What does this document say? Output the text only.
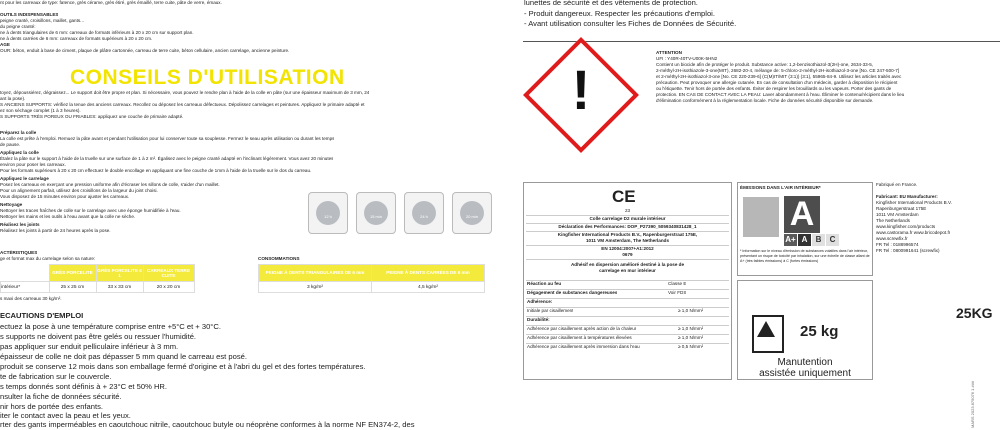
nt pour les carreaux de type: faïence, grès cérame, grès étiré, grès émaillé, terre cuite, pâte de verre, émaux.
OUTILS INDISPENSABLES
peigne cranté, croisillons, maillet, gants...
du peigne cranté:
ne à dents triangulaires de 6 mm: carreaux de formats inférieurs à 20 x 20 cm sur support plan.
ne à dents carrées de 6 mm: carreaux de formats supérieurs à 20 x 20 cm.
AGE
OUR: béton, enduit à base de ciment, plaque de plâtre cartonnée, carreau de terre cuite, béton cellulaire, ancien carrelage, ancienne peinture.
CONSEILS D'UTILISATION
toyez, dépoussiérez, dégraissez... Le support doit être propre et plan. Si nécessaire, vous pouvez le rendre plan à l'aide de la colle en pâte (sur une épaisseur maximum de 3 mm, 24
ant la pose).
S ANCIENS SUPPORTS: vérifiez la tenue des anciens carreaux. Recollez ou déposez les carreaux défectueux. Dépolissez carrelages et peintures. Appliquez le primaire adapté et
ez son séchage complet (1 à 3 heures).
S SUPPORTS TRÈS POREUX OU FRIABLES: appliquez une couche de primaire adapté.
Préparez la colle
La colle est prête à l'emploi. Remuez la pâte avant et pendant l'utilisation pour lui conserver toute sa souplesse. Fermez le seau après utilisation ou durant les temps
de pause.
Appliquez la colle
Étalez la pâte sur le support à l'aide de la truelle sur une surface de 1 à 2 m². Égalisez avec le peigne cranté adapté en l'inclinant légèrement. Vous avez 20 minutes
environ pour poser les carreaux.
Pour les formats supérieurs à 20 x 20 cm effectuez le double encollage en appliquant une fine couche de 1mm à l'aide de la truelle sur le dos du carreau.
Appliquez le carrelage
Posez les carreaux en exerçant une pression uniforme afin d'écraser les sillons de colle, s'aider d'un maillet.
Pour un alignement parfait, utilisez des croisillons de la largeur du joint choisi.
Vous disposez de 15 minutes environ pour ajuster les carreaux.
Nettoyage
Nettoyer les traces fraîches de colle sur le carrelage avec une éponge humidifiée à l'eau.
Nettoyer les mains et les outils à l'eau avant que la colle ne sèche.
Réalisez les joints
Réalisez les joints à partir de 24 heures après la pose.
12 h	15 min	24 h	20 min
ACTÉRISTIQUES
ge et format max du carrelage selon sa nature:
	GRÈS PORCELITE	GRÈS PORCELITE ≤ 1	CARREAUX TERRE CUITE
intérieur*	25 x 25 cm	33 x 33 cm	20 x 20 cm
s maxi des carreaux 30 kg/m².
CONSOMMATIONS
PEIGNE À DENTS TRIANGULAIRES DE 6 mm	PEIGNE À DENTS CARRÉES DE 6 mm
3 kg/m²	4,5 kg/m²
ECAUTIONS D'EMPLOI
ectuez la pose à une température comprise entre +5°C et + 30°C.
s supports ne doivent pas être gelés ou ressuer l'humidité.
pas appliquer sur enduit pelliculaire inférieur à 3 mm.
épaisseur de colle ne doit pas dépasser 5 mm quand le carreau est posé.
produit se conserve 12 mois dans son emballage fermé d'origine et à l'abri du gel et des fortes températures.
te de fabrication sur le couvercle.
s temps donnés sont définis à + 23°C et 50% HR.
nsulter la fiche de données sécurité.
nir hors de portée des enfants.
iter le contact avec la peau et les yeux.
rter des gants imperméables en caoutchouc nitrile, caoutchouc butyle ou néoprène conformes à la norme NF EN374-2, des
lunettes de sécurité et des vêtements de protection.
- Produit dangereux. Respecter les précautions d'emploi.
- Avant utilisation consulter les Fiches de Données de Sécurité.
!
ATTENTION
UFI : Y40R-40TV-U00K-5HN2
Contient un biocide afin de protéger le produit. Substance active: 1,2-benzisothiazol-3(2H)-one, 2634-33-5,
2-méthyl-2H-isothiazole-3-one(MIT), 2682-20-4, mélange de: 5-chloro-2-méthyl-2H-isothiazol-3-one [No. CE 247-500-7]
et 2-méthyl-2H-isothiazol-3-one [No. CE 220-239-6] (C(M)IT/MIT (3:1)) (3:1), 55965-84-9. Utilisez les articles traités avec
précaution. Peut provoquer une allergie cutanée. En cas de consultation d'un médecin, garder à disposition le récipient
ou l'étiquette. Tenir hors de portée des enfants. Éviter de respirer les brouillards ou les vapeurs. Porter des gants de
protection. EN CAS DE CONTACT AVEC LA PEAU: Laver abondamment à l'eau. Éliminer le contenu/récipient dans le lieu
d'élimination conformément à la réglementation locale. Fiche de données sécurité disponible sur demande.
CE
23
Colle carrelage D2 murale intérieur
Déclaration des Performances: DOP_P27390_5059340831428_1
Kingfisher International Products B.V., Rapenburgerstraat 175E,
1011 VM Amsterdam, The Netherlands
EN 12004:2007+A1:2012
0679
Adhésif en dispersion amélioré destiné à la pose de
carrelage en mur intérieur
Réaction au feu	Classe E
Dégagement de substances dangereuses	Voir FDS
Adhérence:
Initiale par cisaillement	≥ 1,0 N/mm²
Durabilité:
Adhérence par cisaillement après action de la chaleur	≥ 1,0 N/mm²
Adhérence par cisaillement à températures élevées	≥ 1,0 N/mm²
Adhérence par cisaillement après immersion dans l'eau	≥ 0,5 N/mm²
ÉMISSIONS DANS L'AIR INTÉRIEUR*
* Information sur le niveau d'émission de substances volatiles dans l'air intérieur, présentant un risque de toxicité par inhalation, sur une échelle de classe allant de A+ (très faibles émissions) à C (fortes émissions)
A
A+ A	B	C
25 kg
Manutention
assistée uniquement
Fabriqué en France.
Fabricant: EU Manufacturer:
Kingfisher International Products B.V.
Rapenburgerstraat 175E
1011 VM Amsterdam
The Netherlands
www.kingfisher.com/products
www.castorama.fr www.bricodepot.fr
www.screwfix.fr
FR Tel : 0188996574
FR Tel : 0800991641 (screwfix)
25KG
MARS 2023 875076 1 ###
